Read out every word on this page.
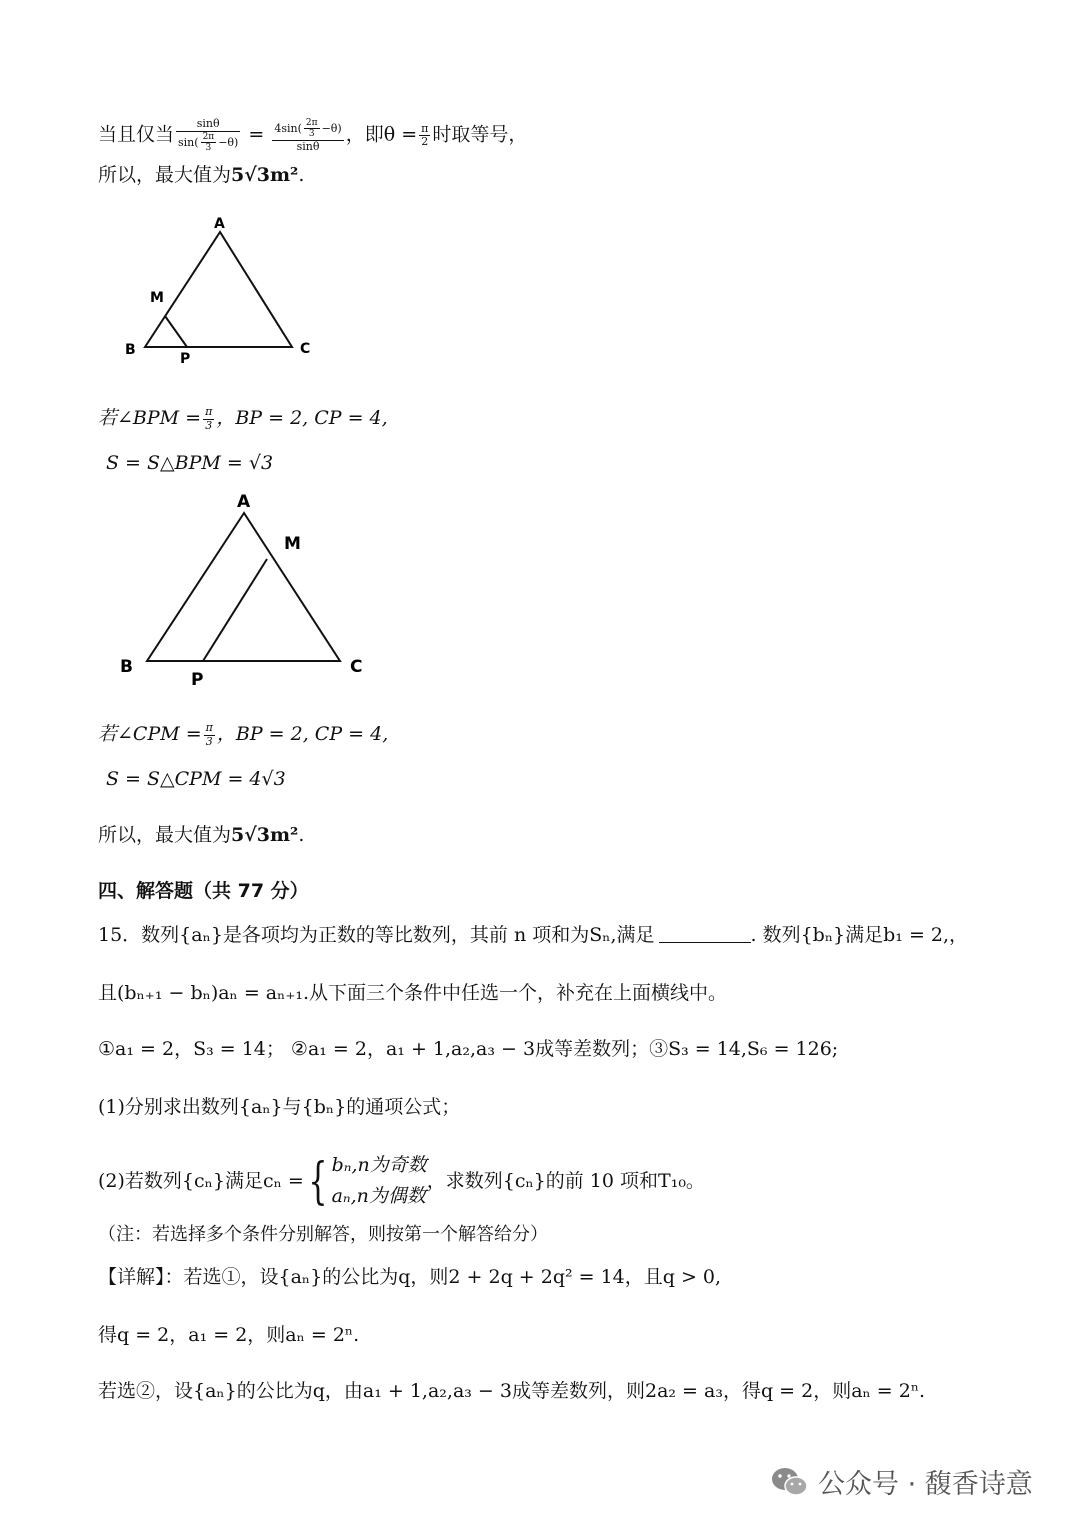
当且仅当 $\frac{\sin\theta}{\sin( \frac{2\pi}{3} -\theta)} = \frac{4\sin( \frac{2\pi}{3} -\theta)}{\sin\theta}$ ，即$\theta = \frac{\pi}{2}$ 时取等号，
所以，最大值为5√3m².
A
M
B
P
C
若∠BPM = $\frac{\pi}{3}$ ，BP = 2, CP = 4,
S = S△BPM = √3
A
M
B
P
C
若∠CPM = $\frac{\pi}{3}$ ，BP = 2, CP = 4,
S = S△CPM = 4√3
所以，最大值为5√3m².
四、解答题（共 77 分）
15．数列{aₙ}是各项均为正数的等比数列，其前 n 项和为Sₙ,满足	. 数列{bₙ}满足b₁ = 2,，
且(bₙ₊₁ − bₙ)aₙ = aₙ₊₁.从下面三个条件中任选一个，补充在上面横线中。
①a₁ = 2，S₃ = 14； ②a₁ = 2，a₁ + 1,a₂,a₃ − 3成等差数列；③S₃ = 14,S₆ = 126;
(1)分别求出数列{aₙ}与{bₙ}的通项公式；
(2)若数列{cₙ}满足cₙ = { bₙ,n为奇数
aₙ,n为偶数
，求数列{cₙ}的前 10 项和T₁₀。
（注：若选择多个条件分别解答，则按第一个解答给分）
【详解】：若选①，设{aₙ}的公比为q，则2 + 2q + 2q² = 14，且q > 0,
得q = 2，a₁ = 2，则aₙ = 2ⁿ.
若选②，设{aₙ}的公比为q，由a₁ + 1,a₂,a₃ − 3成等差数列，则2a₂ = a₃，得q = 2，则aₙ = 2ⁿ.
公众号 · 馥香诗意
